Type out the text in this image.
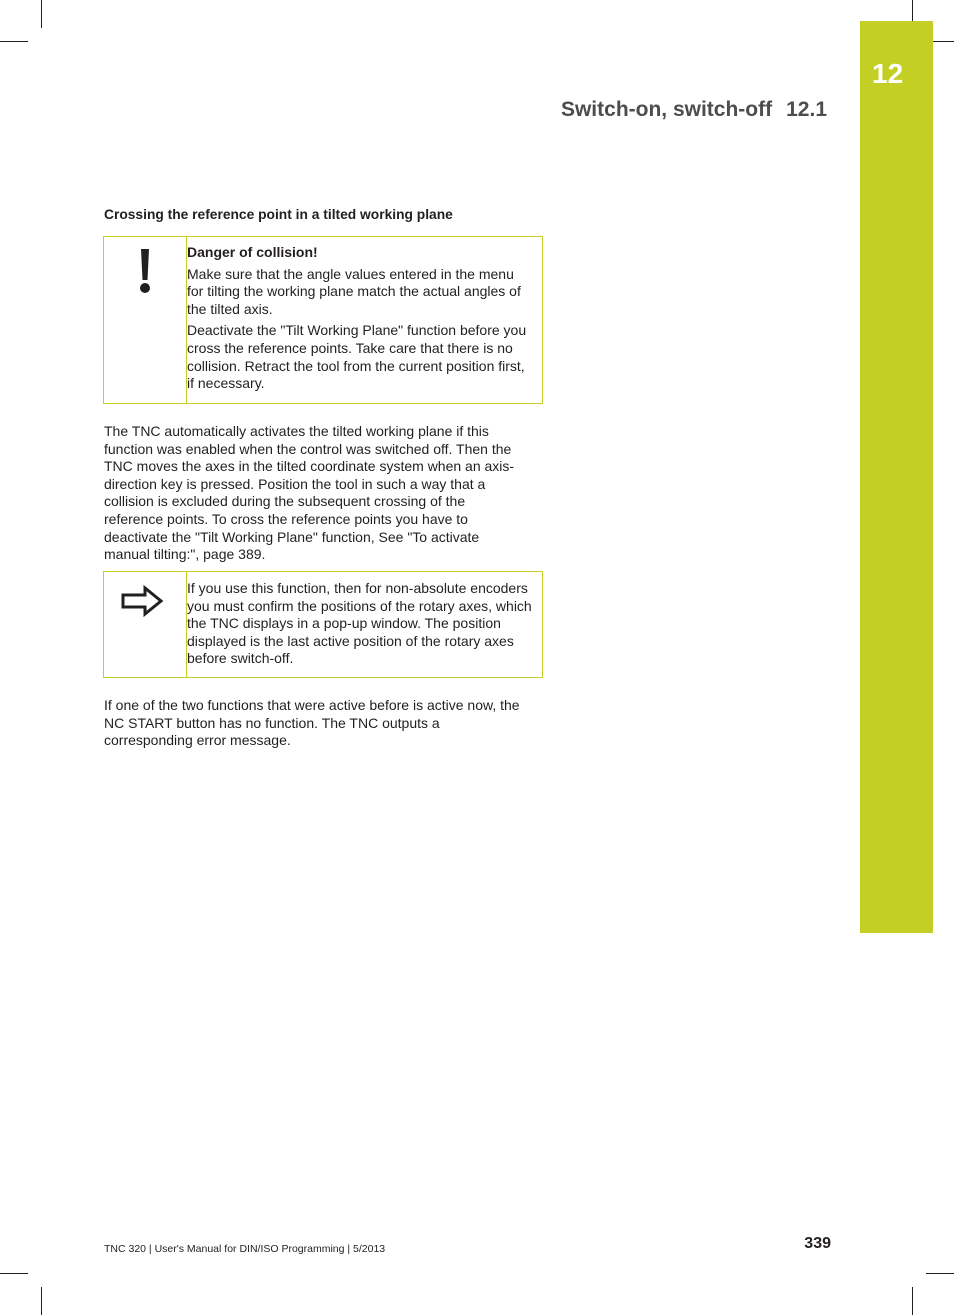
12
Switch-on, switch-off 12.1
Crossing the reference point in a tilted working plane

Danger of collision!

Make sure that the angle values entered in the menu for tilting the working plane match the actual angles of the tilted axis.

Deactivate the "Tilt Working Plane" function before you cross the reference points. Take care that there is no collision. Retract the tool from the current position first, if necessary.

The TNC automatically activates the tilted working plane if this function was enabled when the control was switched off. Then the TNC moves the axes in the tilted coordinate system when an axis-direction key is pressed. Position the tool in such a way that a collision is excluded during the subsequent crossing of the reference points. To cross the reference points you have to deactivate the "Tilt Working Plane" function, See "To activate manual tilting:", page 389.

If you use this function, then for non-absolute encoders you must confirm the positions of the rotary axes, which the TNC displays in a pop-up window. The position displayed is the last active position of the rotary axes before switch-off.

If one of the two functions that were active before is active now, the NC START button has no function. The TNC outputs a corresponding error message.

TNC 320 | User's Manual for DIN/ISO Programming | 5/2013	339
